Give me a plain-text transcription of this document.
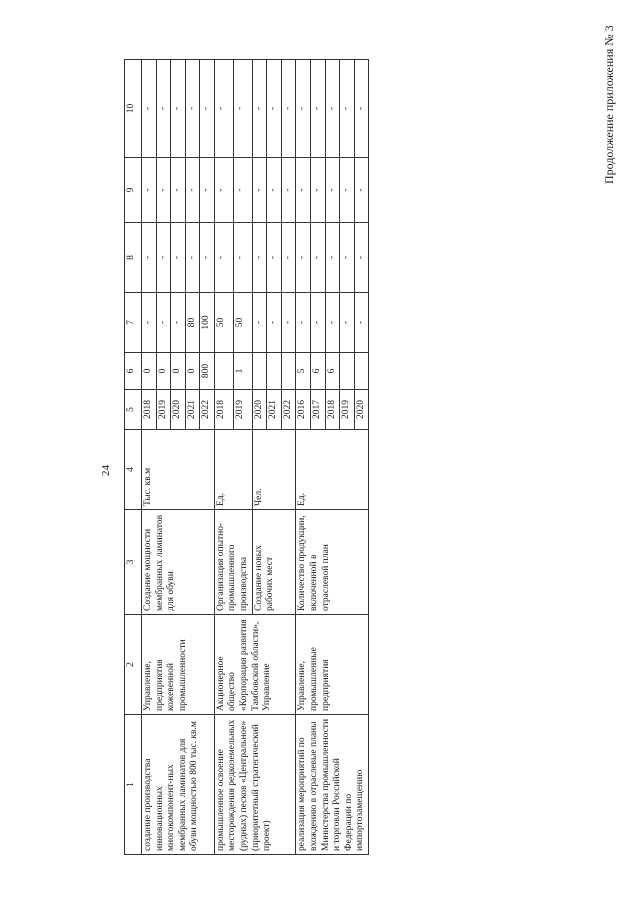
24
Продолжение приложения № 3
1	2	3	4	5	6	7	8	9	10	
создание производства инновационных многокомпонент-ных мембранных ламинатов для обуви мощностью 800 тыс. кв.м	Управление, предприятия кожевенной промышленности	Создание мощности мембранных ламинатов для обуви	Тыс. кв.м	2018	0	-	-	-	-	
				2019	0	-	-	-	-	
				2020	0	-	-	-	-	
				2021	0	80	-	-	-	
				2022	800	100	-	-	-	
промышленное освоение месторождения редкоземельных (рудных) песков «Центральное» (приоритетный стратегический проект)	Акционерное общество «Корпорация развития Тамбовской области», Управление	Организация опытно-промышленного производства	Ед.	2018		50	-	-	-	
				2019	1	50	-	-	-	
		Создание новых рабочих мест	Чел.	2020		-	-	-	-	
				2021		-	-	-	-	
				2022		-	-	-	-	
реализация мероприятий по вхождению в отраслевые планы Министерства промышленности и торговли Российской Федерации по импортозамещению	Управление, промышленные предприятия	Количество продукции, включенной в отраслевой план	Ед.	2016	5	-	-	-	-	
				2017	6	-	-	-	-	
				2018	6	-	-	-	-	
				2019		-	-	-	-	
				2020		-	-	-	-	
